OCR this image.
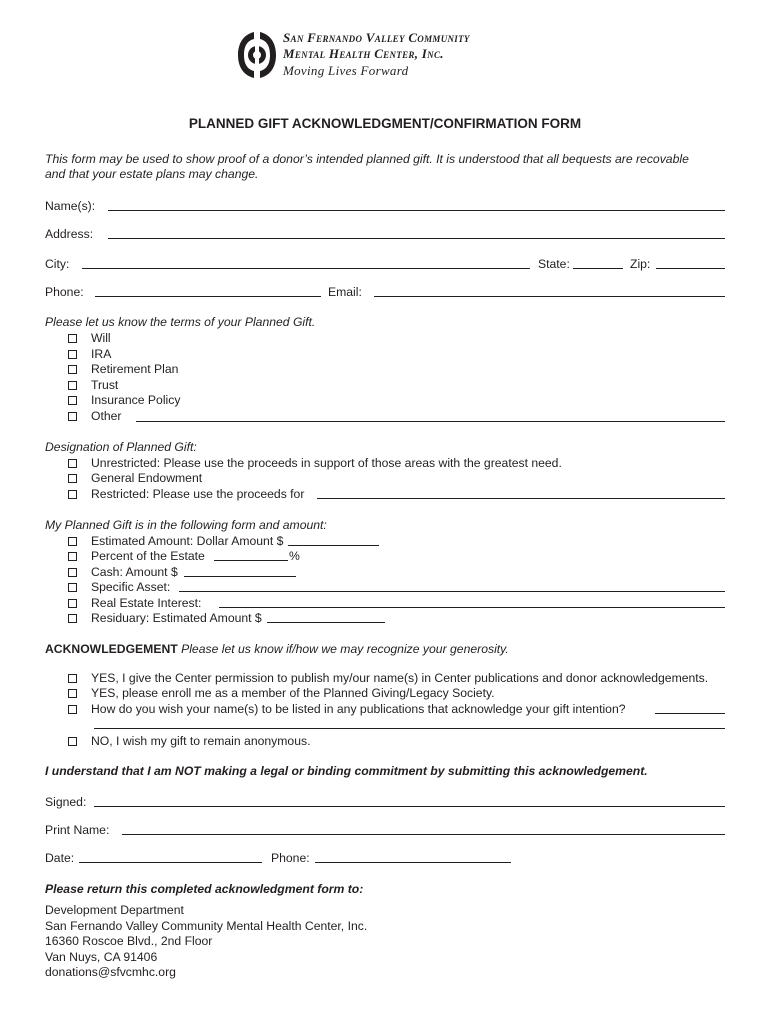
San Fernando Valley Community
Mental Health Center, Inc.
Moving Lives Forward
PLANNED GIFT ACKNOWLEDGMENT/CONFIRMATION FORM
This form may be used to show proof of a donor’s intended planned gift. It is understood that all bequests are recovable
and that your estate plans may change.
Name(s):
Address:
City:	State:	Zip:
Phone:	Email:
Please let us know the terms of your Planned Gift.
Will
IRA
Retirement Plan
Trust
Insurance Policy
Other
Designation of Planned Gift:
Unrestricted: Please use the proceeds in support of those areas with the greatest need.
General Endowment
Restricted: Please use the proceeds for
My Planned Gift is in the following form and amount:
Estimated Amount: Dollar Amount $
Percent of the Estate	%
Cash: Amount $
Specific Asset:
Real Estate Interest:
Residuary: Estimated Amount $
ACKNOWLEDGEMENT Please let us know if/how we may recognize your generosity.
YES, I give the Center permission to publish my/our name(s) in Center publications and donor acknowledgements.
YES, please enroll me as a member of the Planned Giving/Legacy Society.
How do you wish your name(s) to be listed in any publications that acknowledge your gift intention?
NO, I wish my gift to remain anonymous.
I understand that I am NOT making a legal or binding commitment by submitting this acknowledgement.
Signed:
Print Name:
Date:	Phone:
Please return this completed acknowledgment form to:
Development Department
San Fernando Valley Community Mental Health Center, Inc.
16360 Roscoe Blvd., 2nd Floor
Van Nuys, CA 91406
donations@sfvcmhc.org
